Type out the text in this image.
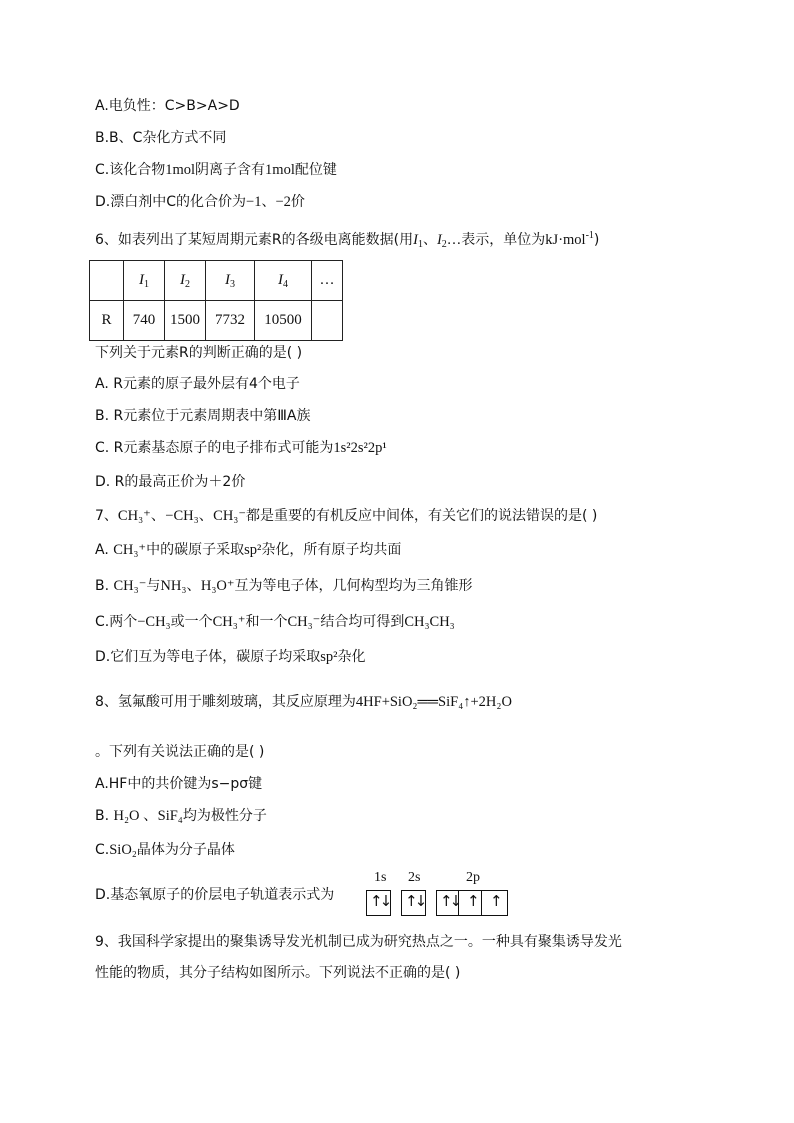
A.电负性：C>B>A>D
B.B、C杂化方式不同
C.该化合物1mol阴离子含有1mol配位键
D.漂白剂中C的化合价为−1、−2价
6、如表列出了某短周期元素R的各级电离能数据(用$I_1$、$I_2\dots$表示，单位为kJ·mol$^{-1}$)
	$I_1$	$I_2$	$I_3$	$I_4$	…
R	740	1500	7732	10500	
下列关于元素R的判断正确的是( )
A. R元素的原子最外层有4个电子
B. R元素位于元素周期表中第ⅢA族
C. R元素基态原子的电子排布式可能为1s²2s²2p¹
D. R的最高正价为＋2价
7、CH₃⁺、−CH₃、CH₃⁻都是重要的有机反应中间体，有关它们的说法错误的是( )
A. CH₃⁺中的碳原子采取sp²杂化，所有原子均共面
B. CH₃⁻与NH₃、H₃O⁺互为等电子体，几何构型均为三角锥形
C.两个−CH₃或一个CH₃⁺和一个CH₃⁻结合均可得到CH₃CH₃
D.它们互为等电子体，碳原子均采取sp²杂化
8、氢氟酸可用于雕刻玻璃，其反应原理为4HF+SiO₂══SiF₄↑+2H₂O
。下列有关说法正确的是( )
A.HF中的共价键为s−pσ键
B. H₂O 、SiF₄均为极性分子
C.SiO₂晶体为分子晶体
D.基态氧原子的价层电子轨道表示式为
1s 2s	2p
↑↓ ↑↓ ↑↓ ↑ ↑
9、我国科学家提出的聚集诱导发光机制已成为研究热点之一。一种具有聚集诱导发光
性能的物质，其分子结构如图所示。下列说法不正确的是( )
